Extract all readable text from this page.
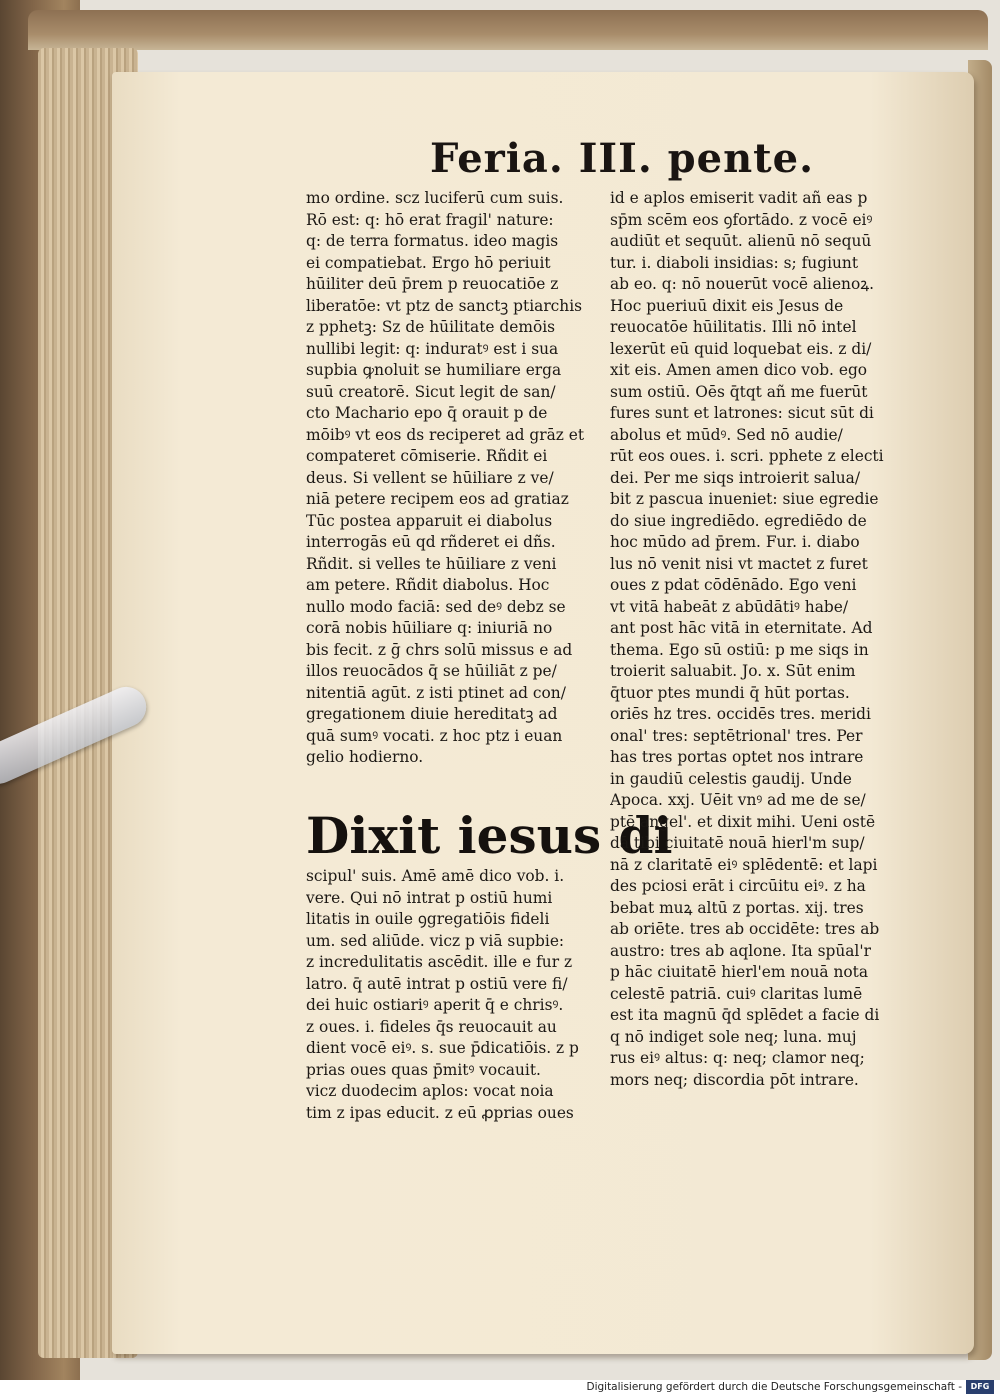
Feria. III. pente.
mo ordine. scz luciferū cum suis.
Rō est: q: hō erat fragil' nature:
q: de terra formatus. ideo magis
ei compatiebat. Ergo hō periuit
hūiliter deū p̄rem p reuocatiōe z
liberatōe: vt ptz de sanctꝫ ptiarchis
z pphetꝫ: Sz de hūilitate demōis
nullibi legit: q: induratꝰ est i sua
supbia ꝙnoluit se humiliare erga
suū creatorē. Sicut legit de san/
cto Machario epo q̄ orauit p de
mōibꝰ vt eos ds reciperet ad grāz et
compateret cōmiserie. Rñdit ei
deus. Si vellent se hūiliare z ve/
niā petere recipem eos ad gratiaz
Tūc postea apparuit ei diabolus
interrogās eū qd rñderet ei dñs.
Rñdit. si velles te hūiliare z veni
am petere. Rñdit diabolus. Hoc
nullo modo faciā: sed deꝰ debz se
corā nobis hūiliare q: iniuriā no
bis fecit. z ḡ chrs solū missus e ad
illos reuocādos q̄ se hūiliāt z pe/
nitentiā agūt. z isti ptinet ad con/
gregationem diuie hereditatꝫ ad
quā sumꝰ vocati. z hoc ptz i euan
gelio hodierno.
Dixit iesus di
scipul' suis. Amē amē dico vob. i.
vere. Qui nō intrat p ostiū humi
litatis in ouile ꝯgregatiōis fideli
um. sed aliūde. vicz p viā supbie:
z incredulitatis ascēdit. ille e fur z
latro. q̄ autē intrat p ostiū vere fi/
dei huic ostiariꝰ aperit q̄ e chrisꝰ.
z oues. i. fideles q̄s reuocauit au
dient vocē eiꝰ. s. sue p̄dicatiōis. z p
prias oues quas p̄mitꝰ vocauit.
vicz duodecim aplos: vocat noia
tim z ipas educit. z eū ꝓprias oues
id e aplos emiserit vadit añ eas p
sp̄m scēm eos ꝯfortādo. z vocē eiꝰ
audiūt et sequūt. alienū nō sequū
tur. i. diaboli insidias: s; fugiunt
ab eo. q: nō nouerūt vocē alienoꝝ.
Hoc pueriuū dixit eis Jesus de
reuocatōe hūilitatis. Illi nō intel
lexerūt eū quid loquebat eis. z di/
xit eis. Amen amen dico vob. ego
sum ostiū. Oēs q̄tqt añ me fuerūt
fures sunt et latrones: sicut sūt di
abolus et mūdꝰ. Sed nō audie/
rūt eos oues. i. scri. pphete z electi
dei. Per me siqs introierit salua/
bit z pascua inueniet: siue egredie
do siue ingrediēdo. egrediēdo de
hoc mūdo ad p̄rem. Fur. i. diabo
lus nō venit nisi vt mactet z furet
oues z pdat cōdēnādo. Ego veni
vt vitā habeāt z abūdātiꝰ habe/
ant post hāc vitā in eternitate. Ad
thema. Ego sū ostiū: p me siqs in
troierit saluabit. Jo. x. Sūt enim
q̄tuor ptes mundi q̄ hūt portas.
oriēs hz tres. occidēs tres. meridi
onal' tres: septētrional' tres. Per
has tres portas optet nos intrare
in gaudiū celestis gaudij. Unde
Apoca. xxj. Uēit vnꝰ ad me de se/
ptē angel'. et dixit mihi. Ueni ostē
dā tibi ciuitatē nouā hierl'm sup/
nā z claritatē eiꝰ splēdentē: et lapi
des pciosi erāt i circūitu eiꝰ. z ha
bebat muꝝ altū z portas. xij. tres
ab oriēte. tres ab occidēte: tres ab
austro: tres ab aqlone. Ita spūal'r
p hāc ciuitatē hierl'em nouā nota
celestē patriā. cuiꝰ claritas lumē
est ita magnū q̄d splēdet a facie di
q nō indiget sole neq; luna. muj
rus eiꝰ altus: q: neq; clamor neq;
mors neq; discordia pōt intrare.
Digitalisierung gefördert durch die Deutsche Forschungsgemeinschaft -	DFG
